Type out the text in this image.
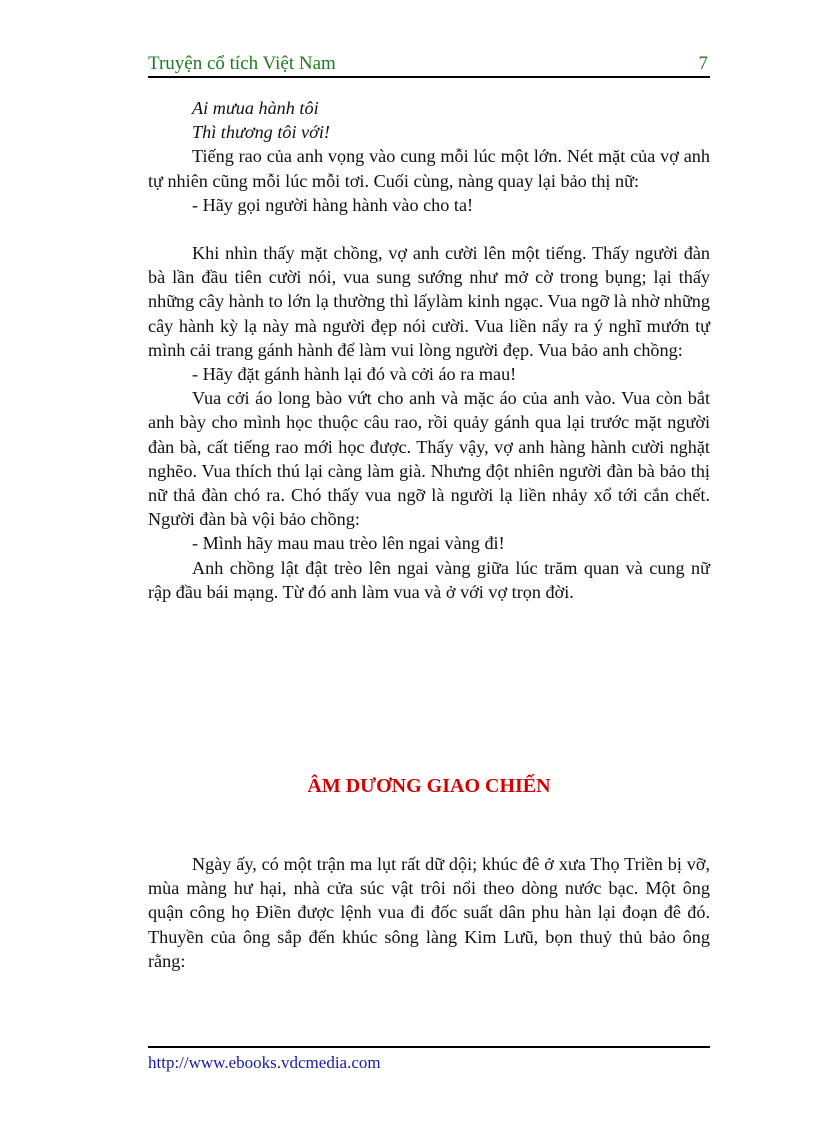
Truyện cổ tích Việt Nam	7

Ai mưua hành tôi

Thì thương tôi với!

Tiếng rao của anh vọng vào cung mỗi lúc một lớn. Nét mặt của vợ anh tự nhiên cũng mỗi lúc mỗi tơi. Cuối cùng, nàng quay lại bảo thị nữ:

- Hãy gọi người hàng hành vào cho ta!

Khi nhìn thấy mặt chồng, vợ anh cười lên một tiếng. Thấy người đàn bà lần đầu tiên cười nói, vua sung sướng như mở cờ trong bụng; lại thấy những cây hành to lớn lạ thường thì lấylàm kinh ngạc. Vua ngỡ là nhờ những cây hành kỳ lạ này mà người đẹp nói cười. Vua liền nẩy ra ý nghĩ mướn tự mình cải trang gánh hành để làm vui lòng người đẹp. Vua bảo anh chồng:

- Hãy đặt gánh hành lại đó và cởi áo ra mau!

Vua cởi áo long bào vứt cho anh và mặc áo của anh vào. Vua còn bắt anh bày cho mình học thuộc câu rao, rồi quảy gánh qua lại trước mặt người đàn bà, cất tiếng rao mới học được. Thấy vậy, vợ anh hàng hành cười nghặt nghẽo. Vua thích thú lại càng làm già. Nhưng đột nhiên người đàn bà bảo thị nữ thả đàn chó ra. Chó thấy vua ngỡ là người lạ liền nhảy xổ tới cắn chết. Người đàn bà vội bảo chồng:

- Mình hãy mau mau trèo lên ngai vàng đi!

Anh chồng lật đật trèo lên ngai vàng giữa lúc trăm quan và cung nữ rập đầu bái mạng. Từ đó anh làm vua và ở với vợ trọn đời.

ÂM DƯƠNG GIAO CHIẾN

Ngày ấy, có một trận ma lụt rất dữ dội; khúc đê ở xưa Thọ Triền bị vỡ, mùa màng hư hại, nhà cửa súc vật trôi nổi theo dòng nước bạc. Một ông quận công họ Điền được lệnh vua đi đốc suất dân phu hàn lại đoạn đê đó. Thuyền của ông sắp đến khúc sông làng Kim Lưũ, bọn thuỷ thủ bảo ông rằng:

http://www.ebooks.vdcmedia.com
